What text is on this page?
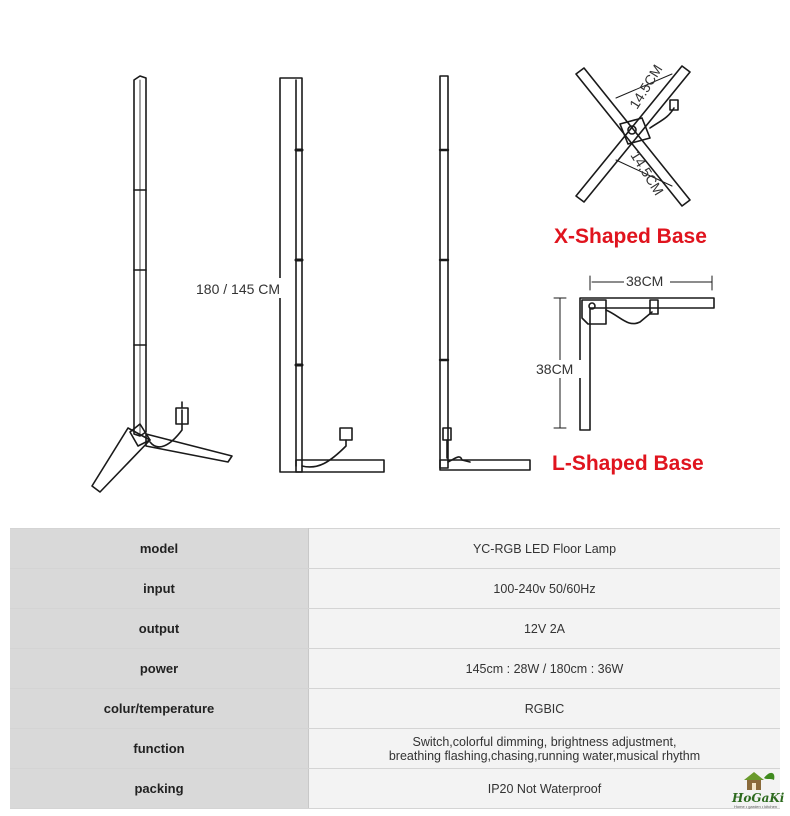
180 / 145 CM
14.5CM
14.5CM
X-Shaped Base
38CM
38CM
L-Shaped Base
model	YC-RGB LED Floor Lamp
input	100-240v 50/60Hz
output	12V 2A
power	145cm : 28W / 180cm : 36W
colur/temperature	RGBIC
function	Switch,colorful dimming, brightness adjustment,
breathing flashing,chasing,running water,musical rhythm

packing	IP20 Not Waterproof
HoGaKi
Home • garden • kitchen
